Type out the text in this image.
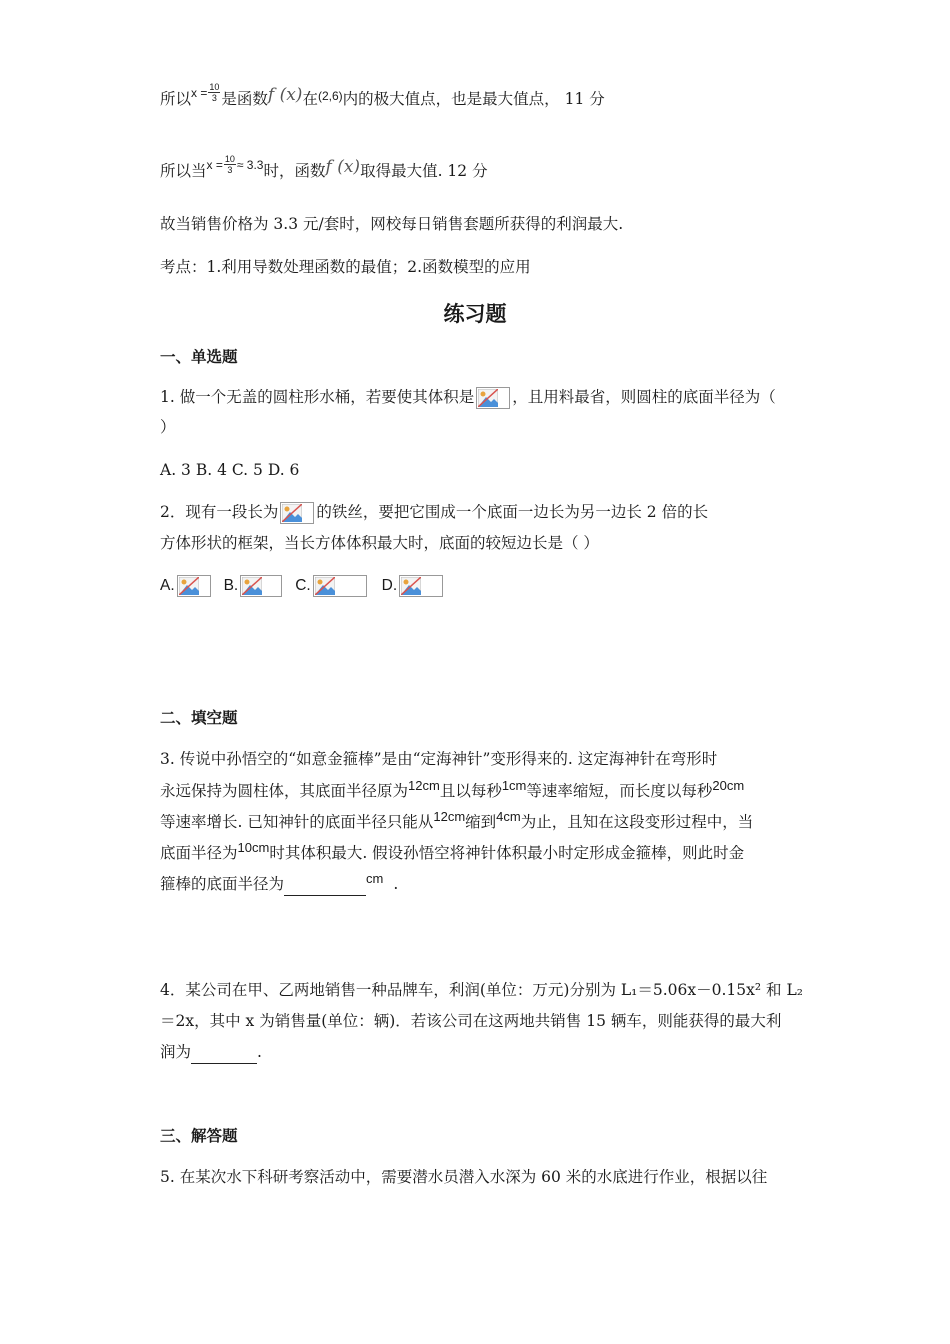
所以$^{x =} \frac{10}{3}$ 是函数f (x)在$^{(2,6)}$内的极大值点，也是最大值点， 11 分
所以当$^{x =} \frac{10}{3} ^{\approx 3.3}$时，函数f (x)取得最大值. 12 分
故当销售价格为 3.3 元/套时，网校每日销售套题所获得的利润最大.
考点：1.利用导数处理函数的最值；2.函数模型的应用
练习题
一、单选题
1. 做一个无盖的圆柱形水桶，若要使其体积是 ，且用料最省，则圆柱的底面半径为（
）
A. 3 B. 4 C. 5 D. 6
2．现有一段长为 的铁丝，要把它围成一个底面一边长为另一边长 2 倍的长
方体形状的框架，当长方体体积最大时，底面的较短边长是（ ）
A.	B.	C.	D.
二、填空题
3. 传说中孙悟空的“如意金箍棒”是由“定海神针”变形得来的. 这定海神针在弯形时
永远保持为圆柱体，其底面半径原为$^{12cm}$且以每秒$^{1cm}$等速率缩短，而长度以每秒$^{20cm}$
等速率增长. 已知神针的底面半径只能从$^{12cm}$缩到$^{4cm}$为止，且知在这段变形过程中，当
底面半径为$^{10cm}$时其体积最大. 假设孙悟空将神针体积最小时定形成金箍棒，则此时金
箍棒的底面半径为	$^{cm}$ .
4．某公司在甲、乙两地销售一种品牌车，利润(单位：万元)分别为 L₁＝5.06x－0.15x² 和 L₂
＝2x，其中 x 为销售量(单位：辆)．若该公司在这两地共销售 15 辆车，则能获得的最大利
润为	.
三、解答题
5. 在某次水下科研考察活动中，需要潜水员潜入水深为 60 米的水底进行作业，根据以往
